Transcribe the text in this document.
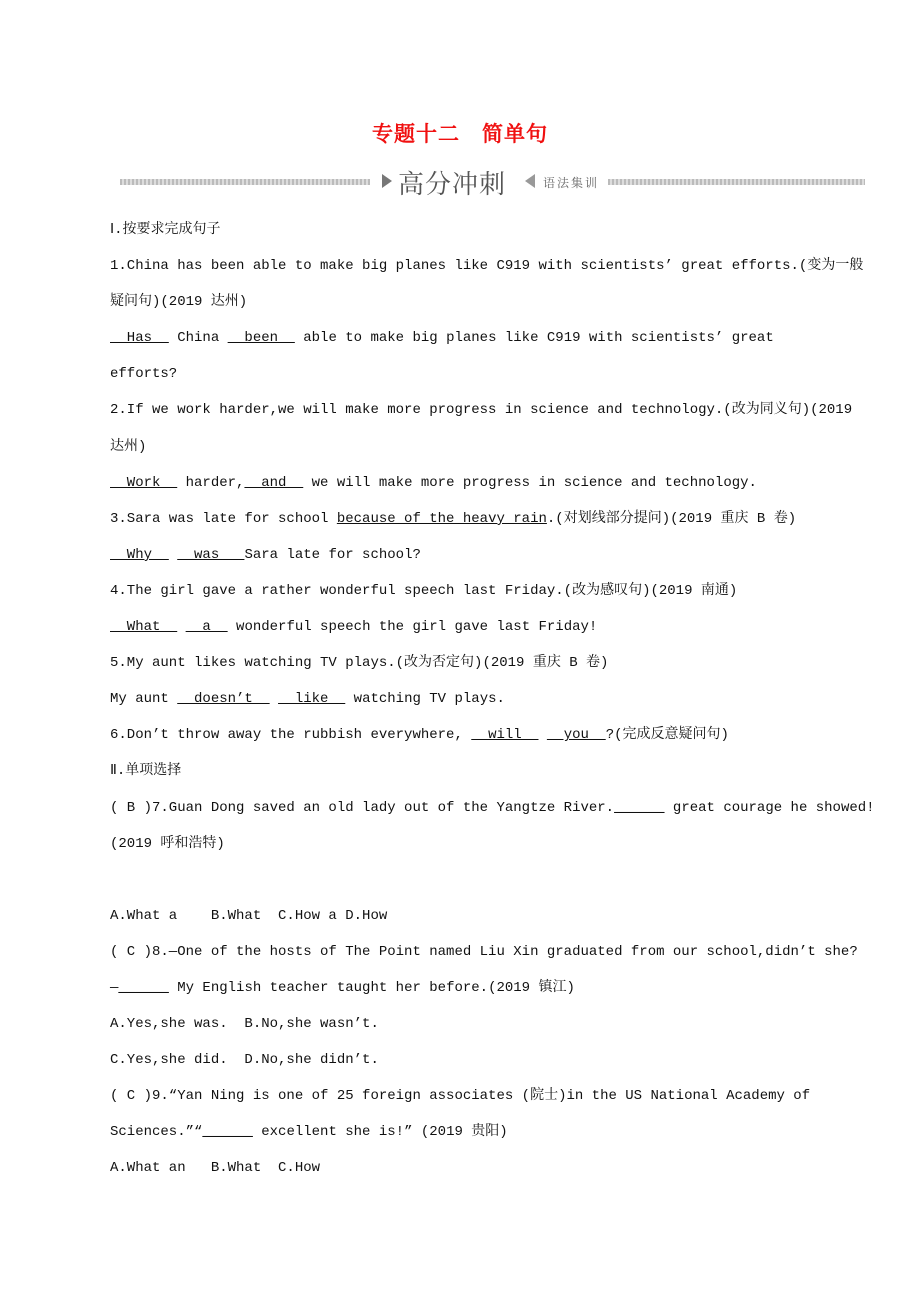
专题十二　简单句
高分冲刺	语法集训
Ⅰ.按要求完成句子
1.China has been able to make big planes like C919 with scientists’ great efforts.(变为一般
疑问句)(2019 达州)
Has   China   been   able to make big planes like C919 with scientists’ great
efforts?
2.If we work harder,we will make more progress in science and technology.(改为同义句)(2019
达州)
Work   harder,  and   we will make more progress in science and technology.
3.Sara was late for school because of the heavy rain.(对划线部分提问)(2019 重庆 B 卷)
Why     was   Sara late for school?
4.The girl gave a rather wonderful speech last Friday.(改为感叹句)(2019 南通)
What     a   wonderful speech the girl gave last Friday!
5.My aunt likes watching TV plays.(改为否定句)(2019 重庆 B 卷)
My aunt   doesn’t     like   watching TV plays.
6.Don’t throw away the rubbish everywhere,   will     you  ?(完成反意疑问句)
Ⅱ.单项选择
( B )7.Guan Dong saved an old lady out of the Yangtze River.______ great courage he showed!
(2019 呼和浩特)
A.What a    B.What  C.How a D.How
( C )8.—One of the hosts of The Point named Liu Xin graduated from our school,didn’t she?
—______ My English teacher taught her before.(2019 镇江)
A.Yes,she was.  B.No,she wasn’t.
C.Yes,she did.  D.No,she didn’t.
( C )9.“Yan Ning is one of 25 foreign associates (院士)in the US National Academy of
Sciences.”“______ excellent she is!” (2019 贵阳)
A.What an   B.What  C.How
